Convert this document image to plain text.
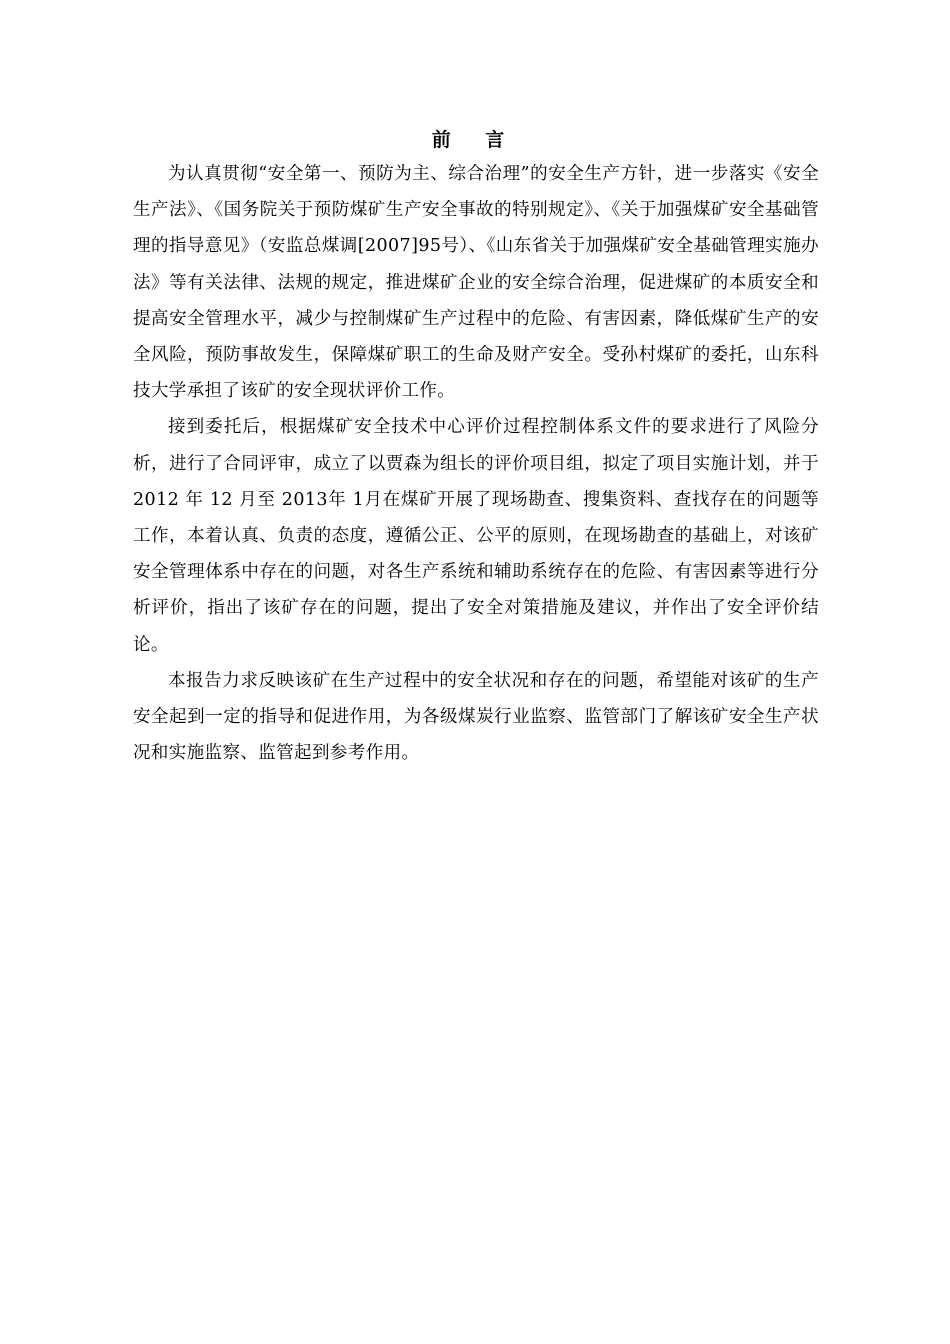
前 言

为认真贯彻“安全第一、预防为主、综合治理”的安全生产方针，进一步落实《安全生产法》、《国务院关于预防煤矿生产安全事故的特别规定》、《关于加强煤矿安全基础管理的指导意见》（安监总煤调[2007]95号）、《山东省关于加强煤矿安全基础管理实施办法》等有关法律、法规的规定，推进煤矿企业的安全综合治理，促进煤矿的本质安全和提高安全管理水平，减少与控制煤矿生产过程中的危险、有害因素，降低煤矿生产的安全风险，预防事故发生，保障煤矿职工的生命及财产安全。受孙村煤矿的委托，山东科技大学承担了该矿的安全现状评价工作。

接到委托后，根据煤矿安全技术中心评价过程控制体系文件的要求进行了风险分析，进行了合同评审，成立了以贾森为组长的评价项目组，拟定了项目实施计划，并于 2012 年 12 月至 2013年 1月在煤矿开展了现场勘查、搜集资料、查找存在的问题等工作，本着认真、负责的态度，遵循公正、公平的原则，在现场勘查的基础上，对该矿安全管理体系中存在的问题，对各生产系统和辅助系统存在的危险、有害因素等进行分析评价，指出了该矿存在的问题，提出了安全对策措施及建议，并作出了安全评价结论。

本报告力求反映该矿在生产过程中的安全状况和存在的问题，希望能对该矿的生产安全起到一定的指导和促进作用，为各级煤炭行业监察、监管部门了解该矿安全生产状况和实施监察、监管起到参考作用。
